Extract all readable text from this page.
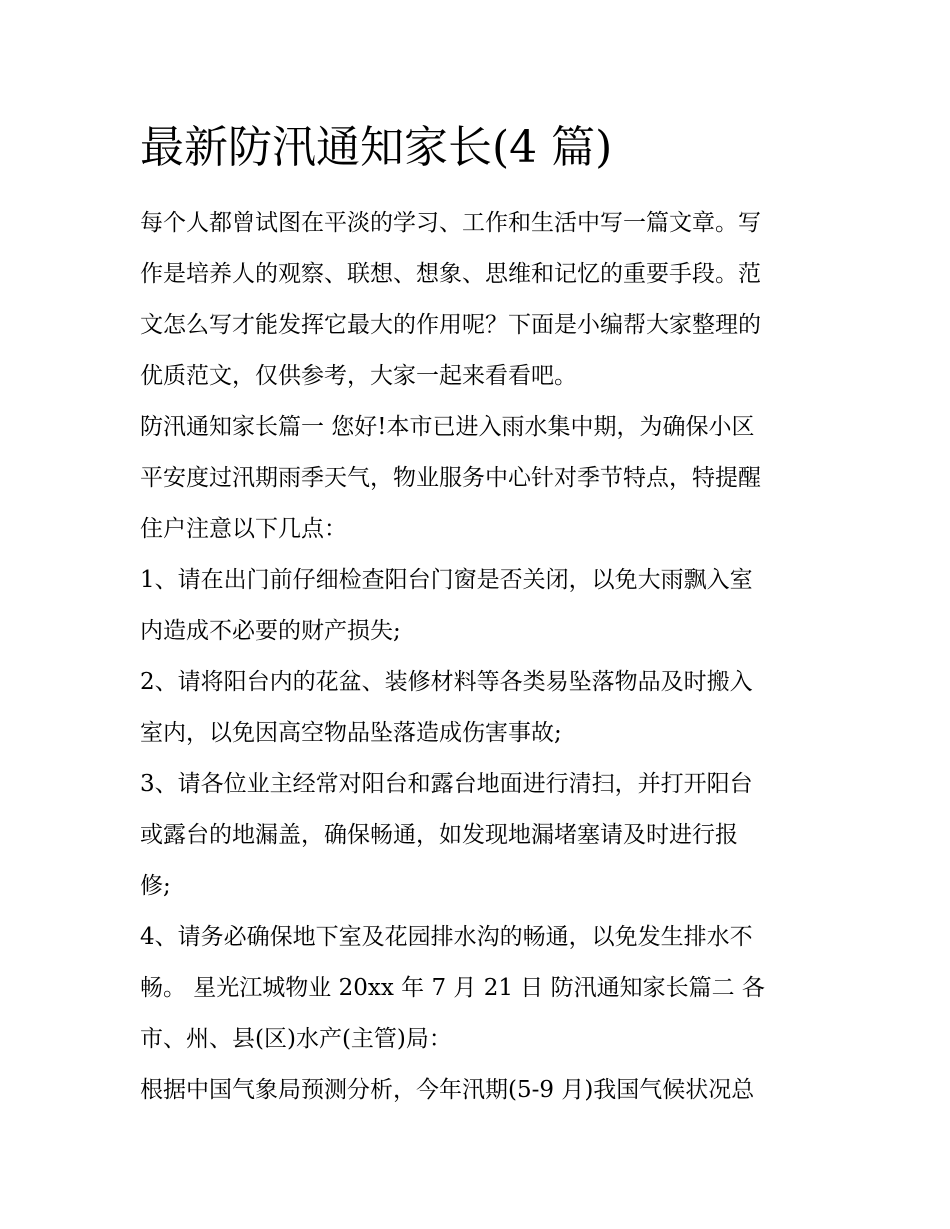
最新防汛通知家长(4 篇)
每个人都曾试图在平淡的学习、工作和生活中写一篇文章。写
作是培养人的观察、联想、想象、思维和记忆的重要手段。范
文怎么写才能发挥它最大的作用呢？下面是小编帮大家整理的
优质范文，仅供参考，大家一起来看看吧。
防汛通知家长篇一 您好!本市已进入雨水集中期，为确保小区
平安度过汛期雨季天气，物业服务中心针对季节特点，特提醒
住户注意以下几点：
1、请在出门前仔细检查阳台门窗是否关闭，以免大雨飘入室
内造成不必要的财产损失;
2、请将阳台内的花盆、装修材料等各类易坠落物品及时搬入
室内，以免因高空物品坠落造成伤害事故;
3、请各位业主经常对阳台和露台地面进行清扫，并打开阳台
或露台的地漏盖，确保畅通，如发现地漏堵塞请及时进行报
修;
4、请务必确保地下室及花园排水沟的畅通，以免发生排水不
畅。 星光江城物业 20xx 年 7 月 21 日 防汛通知家长篇二 各
市、州、县(区)水产(主管)局：
根据中国气象局预测分析，今年汛期(5-9 月)我国气候状况总
